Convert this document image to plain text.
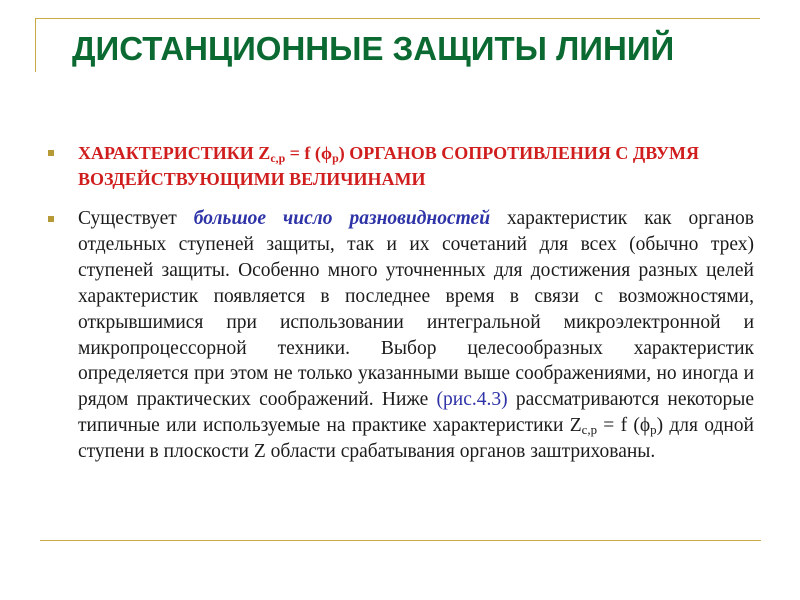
ДИСТАНЦИОННЫЕ ЗАЩИТЫ ЛИНИЙ
ХАРАКТЕРИСТИКИ $Z_{с,р} = f$ $(\phi_р)$ ОРГАНОВ СОПРОТИВЛЕНИЯ С ДВУМЯ ВОЗДЕЙСТВУЮЩИМИ ВЕЛИЧИНАМИ
Существует большое число разновидностей характеристик как органов отдельных ступеней защиты, так и их сочетаний для всех (обычно трех) ступеней защиты. Особенно много уточненных для достижения разных целей характеристик появляется в последнее время в связи с возможностями, открывшимися при использовании интегральной микроэлектронной и микропроцессорной техники. Выбор целесообразных характеристик определяется при этом не только указанными выше соображениями, но иногда и рядом практических соображений. Ниже (рис.4.3) рассматриваются некоторые типичные или используемые на практике характеристики $Z_{с,р} = f$ $(\phi_р)$ для одной ступени в плоскости Z области срабатывания органов заштрихованы.
